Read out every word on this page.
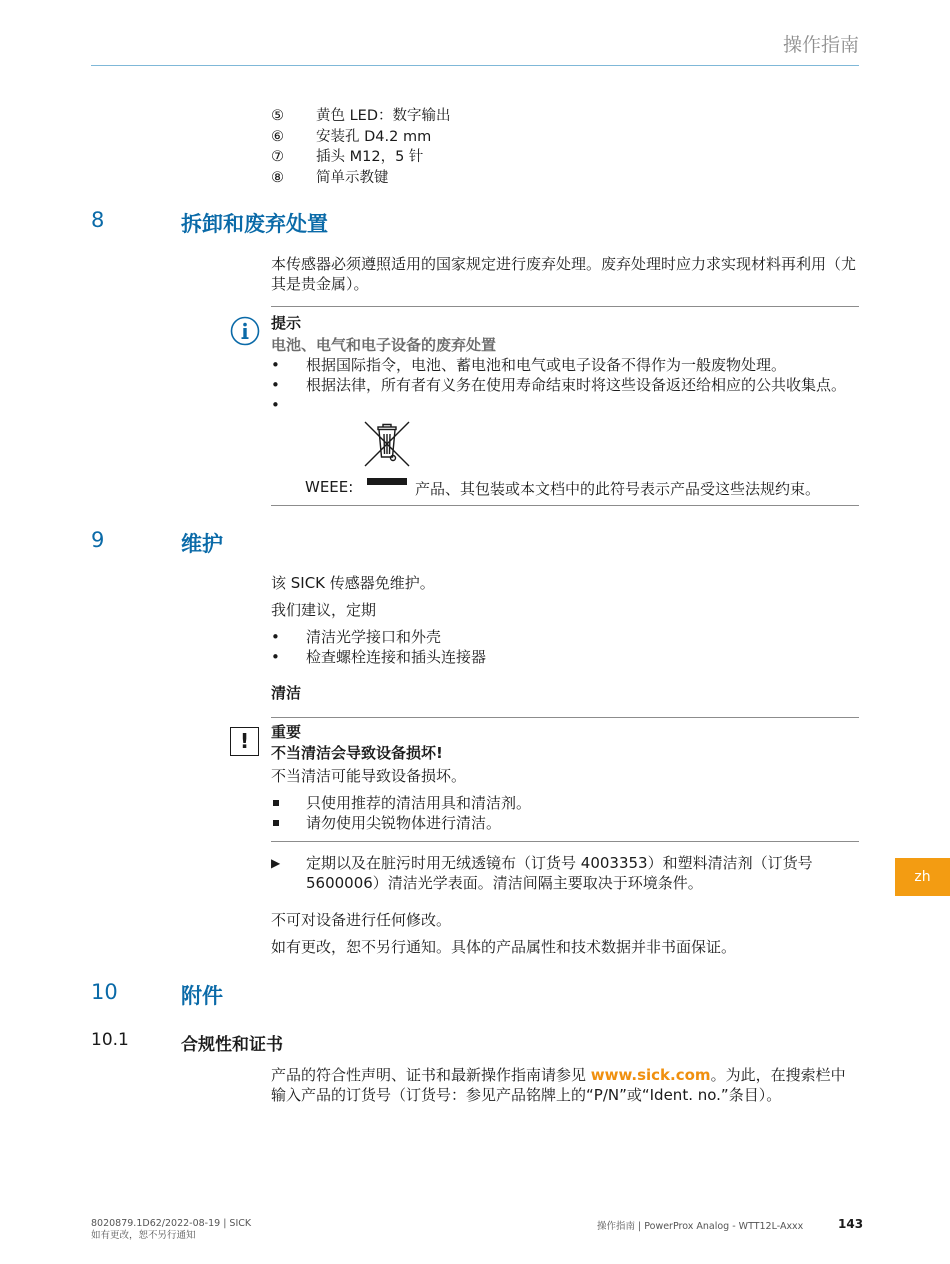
操作指南
⑤	黄色 LED：数字输出
⑥	安装孔 D4.2 mm
⑦	插头 M12，5 针
⑧	简单示教键
8	拆卸和废弃处置
本传感器必须遵照适用的国家规定进行废弃处理。废弃处理时应力求实现材料再利用（尤其是贵金属）。
提示
电池、电气和电子设备的废弃处置
•	根据国际指令，电池、蓄电池和电气或电子设备不得作为一般废物处理。
•	根据法律，所有者有义务在使用寿命结束时将这些设备返还给相应的公共收集点。
•
WEEE:	产品、其包装或本文档中的此符号表示产品受这些法规约束。
9	维护
该 SICK 传感器免维护。
我们建议，定期
•	清洁光学接口和外壳
•	检查螺栓连接和插头连接器
清洁
!	重要
不当清洁会导致设备损坏!
不当清洁可能导致设备损坏。
只使用推荐的清洁用具和清洁剂。
请勿使用尖锐物体进行清洁。
▶	定期以及在脏污时用无绒透镜布（订货号 4003353）和塑料清洁剂（订货号 5600006）清洁光学表面。清洁间隔主要取决于环境条件。
不可对设备进行任何修改。
如有更改，恕不另行通知。具体的产品属性和技术数据并非书面保证。
10	附件
10.1	合规性和证书
产品的符合性声明、证书和最新操作指南请参见 www.sick.com。为此，在搜索栏中输入产品的订货号（订货号：参见产品铭牌上的“P/N”或“Ident. no.”条目）。
zh
8020879.1D62/2022-08-19 | SICK
如有更改，恕不另行通知
操作指南 | PowerProx Analog - WTT12L-Axxx	143
